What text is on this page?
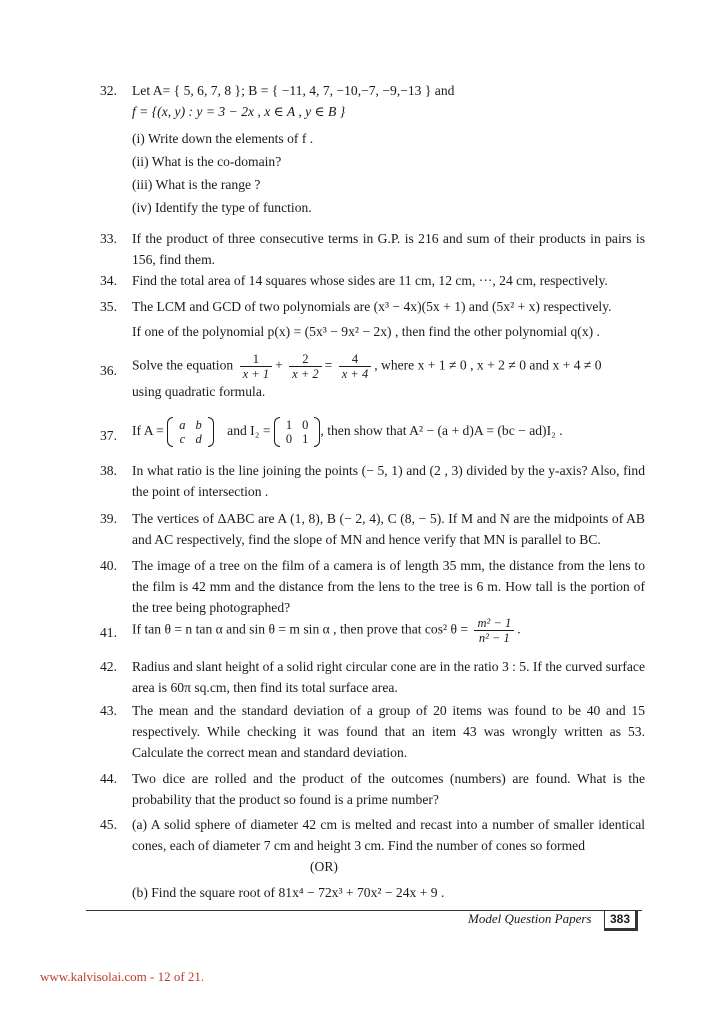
32. Let A= { 5, 6, 7, 8 }; B = { −11, 4, 7, −10,−7, −9,−13 } and
f = {(x, y) : y = 3 − 2x , x ∈ A , y ∈ B }
(i) Write down the elements of f .
(ii) What is the co-domain?
(iii) What is the range ?
(iv) Identify the type of function.
33. If the product of three consecutive terms in G.P. is 216 and sum of their products in pairs is 156, find them.
34. Find the total area of 14 squares whose sides are 11 cm, 12 cm, ···, 24 cm, respectively.
35. The LCM and GCD of two polynomials are (x³ − 4x)(5x + 1) and (5x² + x) respectively.
If one of the polynomial p(x) = (5x³ − 9x² − 2x) , then find the other polynomial q(x) .
36. Solve the equation $\frac{1}{x + 1} + \frac{2}{x + 2} = \frac{4}{x + 4}$ , where x + 1 ≠ 0 , x + 2 ≠ 0 and x + 4 ≠ 0
using quadratic formula.
37. If A = a	b
c	d
and I₂ = 1	0
0	1
, then show that A² − (a + d)A = (bc − ad)I₂ .
38. In what ratio is the line joining the points (− 5, 1) and (2 , 3) divided by the y-axis? Also, find the point of intersection .
39. The vertices of ΔABC are A (1, 8), B (− 2, 4), C (8, − 5). If M and N are the midpoints of AB and AC respectively, find the slope of MN and hence verify that MN is parallel to BC.
40. The image of a tree on the film of a camera is of length 35 mm, the distance from the lens to the film is 42 mm and the distance from the lens to the tree is 6 m. How tall is the portion of the tree being photographed?
41. If tan θ = n tan α and sin θ = m sin α , then prove that cos² $\theta = \frac{\text{m² − 1}}{\text{n² − 1}}$ .
42. Radius and slant height of a solid right circular cone are in the ratio 3 : 5. If the curved surface area is 60π sq.cm, then find its total surface area.
43. The mean and the standard deviation of a group of 20 items was found to be 40 and 15 respectively. While checking it was found that an item 43 was wrongly written as 53. Calculate the correct mean and standard deviation.
44. Two dice are rolled and the product of the outcomes (numbers) are found. What is the probability that the product so found is a prime number?
45. (a) A solid sphere of diameter 42 cm is melted and recast into a number of smaller identical cones, each of diameter 7 cm and height 3 cm. Find the number of cones so formed
(OR)
(b) Find the square root of 81x⁴ − 72x³ + 70x² − 24x + 9 .
Model Question Papers	383
www.kalvisolai.com - 12 of 21.
